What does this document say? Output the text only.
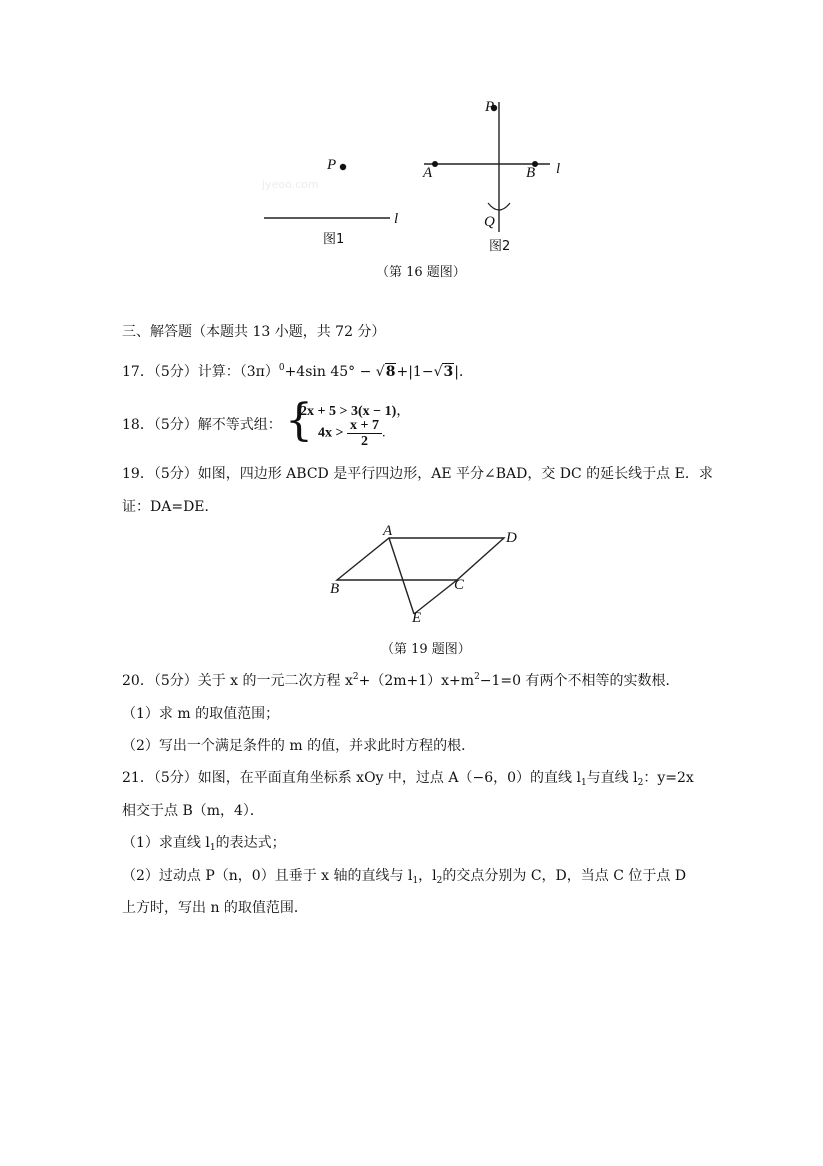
P
l
jyeoo.com
图1
P
A	B l
Q
图2
（第 16 题图）
三、解答题（本题共 13 小题，共 72 分）
17．（5分）计算：$(3\pi)^0+4\sin$ 45° − √8+|1−√3|．
18．（5分）解不等式组： {
2x + 5 > 3(x − 1)，
$4x > \frac{x + 7}{2}$ .
19．（5分）如图，四边形 ABCD 是平行四边形，AE 平分∠BAD，交 DC 的延长线于点 E．求
证：DA=DE．
A	D
B	C
E
（第 19 题图）
20．（5分）关于 x 的一元二次方程 $x^2+(2m+1)x+m^2-1=0$ 有两个不相等的实数根．
（1）求 m 的取值范围；
（2）写出一个满足条件的 m 的值，并求此时方程的根．
21．（5分）如图，在平面直角坐标系 xOy 中，过点 A（−6，0）的直线 $l_1$与直线 $l_2$：y=2x
相交于点 B（m，4）．
（1）求直线 $l_1$的表达式；
（2）过动点 P（n，0）且垂于 x 轴的直线与 $l_1$，$l_2$的交点分别为 C，D，当点 C 位于点 D
上方时，写出 n 的取值范围．
